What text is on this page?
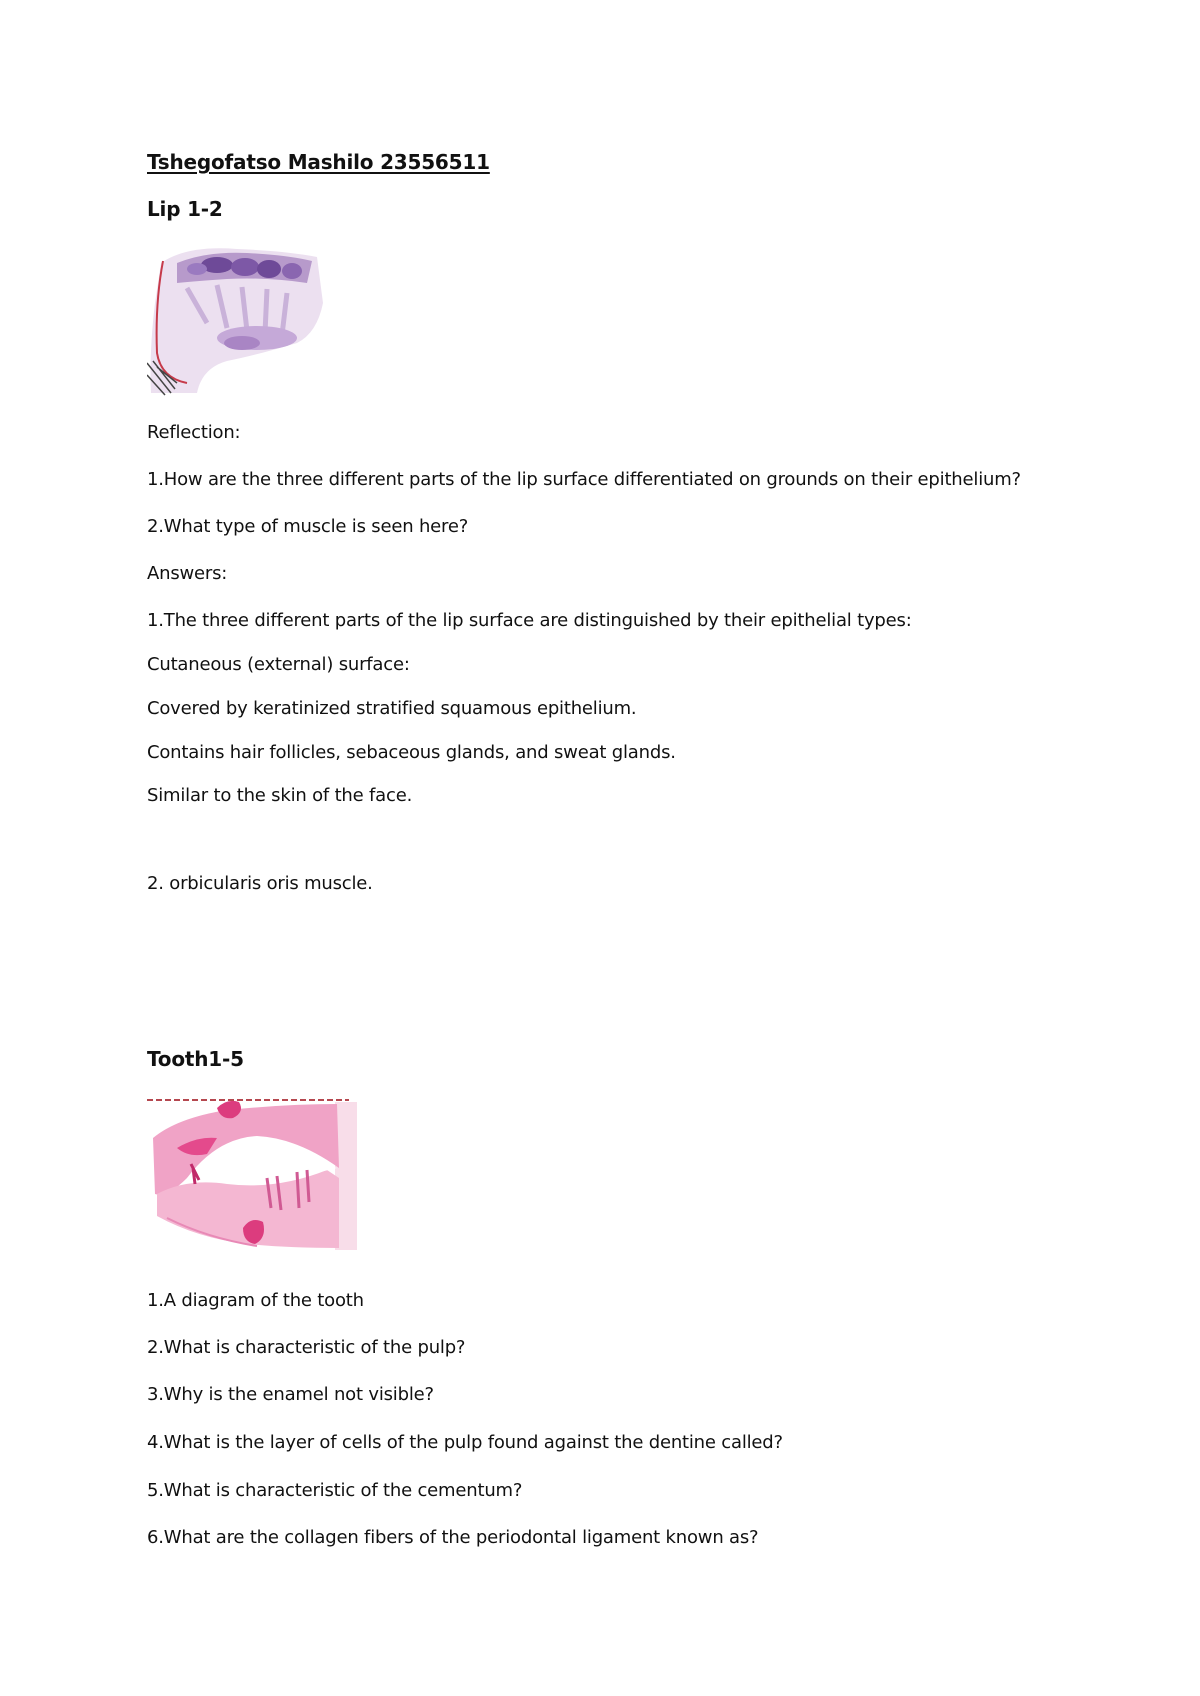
Tshegofatso Mashilo 23556511
Lip 1-2
Reflection:
1.How are the three different parts of the lip surface differentiated on grounds on their epithelium?
2.What type of muscle is seen here?
Answers:
1.The three different parts of the lip surface are distinguished by their epithelial types:
Cutaneous (external) surface:
Covered by keratinized stratified squamous epithelium.
Contains hair follicles, sebaceous glands, and sweat glands.
Similar to the skin of the face.
2. orbicularis oris muscle.
Tooth1-5
1.A diagram of the tooth
2.What is characteristic of the pulp?
3.Why is the enamel not visible?
4.What is the layer of cells of the pulp found against the dentine called?
5.What is characteristic of the cementum?
6.What are the collagen fibers of the periodontal ligament known as?
